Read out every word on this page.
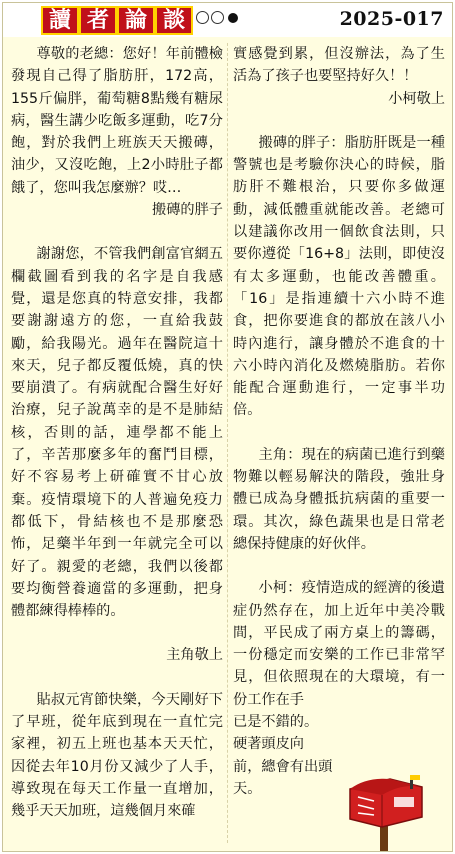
讀 者 論 談	2025-017

尊敬的老總：您好！年前體檢發現自己得了脂肪肝，172高，155斤偏胖，葡萄糖8點幾有糖尿病，醫生講少吃飯多運動，吃7分飽，對於我們上班族天天搬磚，油少，又沒吃飽，上2小時肚子都餓了，您叫我怎麼辦？哎…

搬磚的胖子

謝謝您，不管我們創富官網五欄截圖看到我的名字是自我感覺，還是您真的特意安排，我都要謝謝遠方的您，一直給我鼓勵，給我陽光。過年在醫院這十來天，兒子都反覆低燒，真的快要崩潰了。有病就配合醫生好好治療，兒子說萬幸的是不是肺結核，否則的話，連學都不能上了，辛苦那麼多年的奮鬥目標，好不容易考上研確實不甘心放棄。疫情環境下的人普遍免疫力都低下，骨結核也不是那麼恐怖，足藥半年到一年就完全可以好了。親愛的老總，我們以後都要均衡營養適當的多運動，把身體都練得棒棒的。

主角敬上

貼叔元宵節快樂，今天剛好下了早班，從年底到現在一直忙完家裡，初五上班也基本天天忙，因從去年10月份又減少了人手，導致現在每天工作量一直增加，幾乎天天加班，這幾個月來確

實感覺到累，但沒辦法，為了生活為了孩子也要堅持好久！！

小柯敬上

搬磚的胖子：脂肪肝既是一種警號也是考驗你決心的時候，脂肪肝不難根治，只要你多做運動，減低體重就能改善。老總可以建議你改用一個飲食法則，只要你遵從「16+8」法則，即使沒有太多運動，也能改善體重。「16」是指連續十六小時不進食，把你要進食的都放在該八小時內進行，讓身體於不進食的十六小時內消化及燃燒脂肪。若你能配合運動進行，一定事半功倍。

主角：現在的病菌已進行到藥物難以輕易解決的階段，強壯身體已成為身體抵抗病菌的重要一環。其次，綠色蔬果也是日常老總保持健康的好伙伴。

小柯：疫情造成的經濟的後遺症仍然存在，加上近年中美冷戰間，平民成了兩方桌上的籌碼，一份穩定而安樂的工作已非常罕見，但依照現在的大環境，有一份工作在手

已是不錯的。

硬著頭皮向

前，總會有出頭

天。
